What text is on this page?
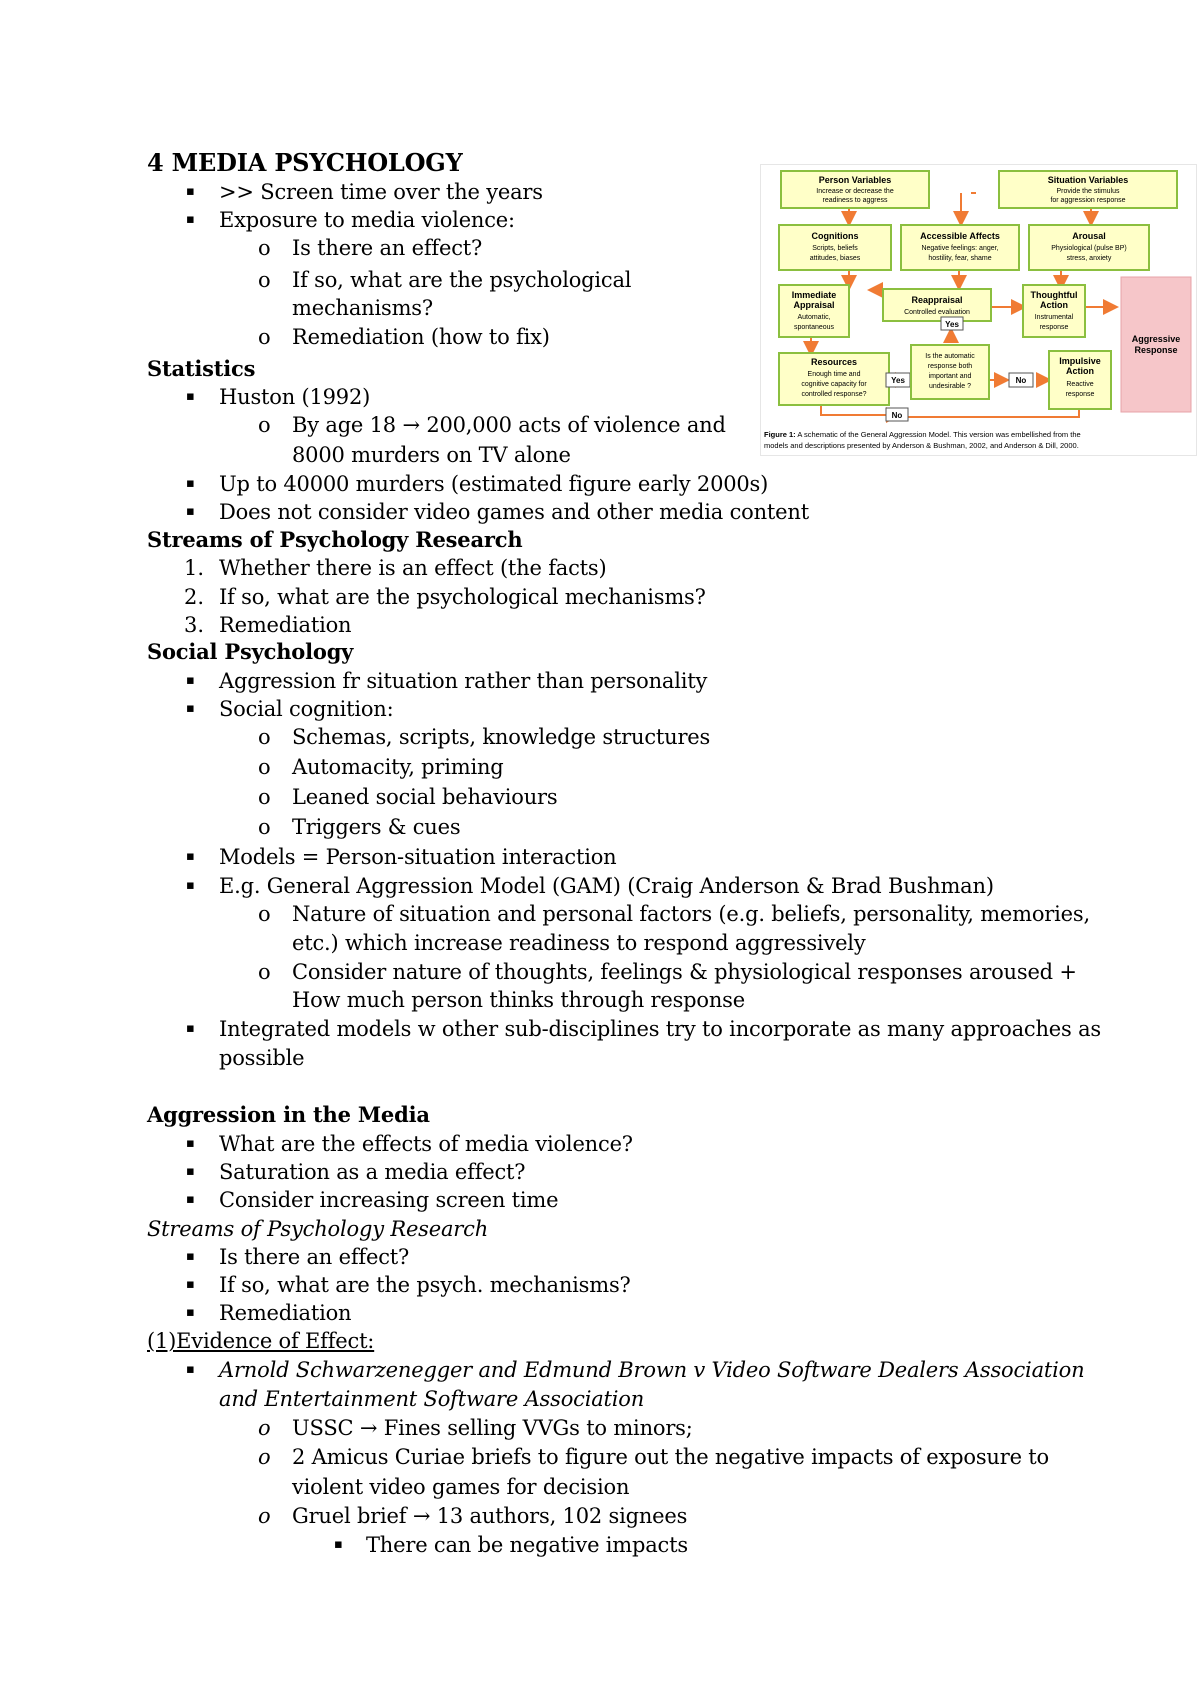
4 MEDIA PSYCHOLOGY
▪ >> Screen time over the years
▪ Exposure to media violence:
o Is there an effect?
o If so, what are the psychological
mechanisms?
o Remediation (how to fix)
Statistics
▪ Huston (1992)
o By age 18 → 200,000 acts of violence and
8000 murders on TV alone
▪ Up to 40000 murders (estimated figure early 2000s)
▪ Does not consider video games and other media content
Streams of Psychology Research
1. Whether there is an effect (the facts)
2. If so, what are the psychological mechanisms?
3. Remediation
Social Psychology
▪ Aggression fr situation rather than personality
▪ Social cognition:
o Schemas, scripts, knowledge structures
o Automacity, priming
o Leaned social behaviours
o Triggers & cues
▪ Models = Person-situation interaction
▪ E.g. General Aggression Model (GAM) (Craig Anderson & Brad Bushman)
o Nature of situation and personal factors (e.g. beliefs, personality, memories,
etc.) which increase readiness to respond aggressively
o Consider nature of thoughts, feelings & physiological responses aroused +
How much person thinks through response
▪ Integrated models w other sub-disciplines try to incorporate as many approaches as
possible
Aggression in the Media
▪ What are the effects of media violence?
▪ Saturation as a media effect?
▪ Consider increasing screen time
Streams of Psychology Research
▪ Is there an effect?
▪ If so, what are the psych. mechanisms?
▪ Remediation
(1)Evidence of Effect:
▪ Arnold Schwarzenegger and Edmund Brown v Video Software Dealers Association
and Entertainment Software Association
o USSC → Fines selling VVGs to minors;
o 2 Amicus Curiae briefs to figure out the negative impacts of exposure to
violent video games for decision
o Gruel brief → 13 authors, 102 signees
▪ There can be negative impacts
Person Variables
Increase or decrease the
readiness to aggress
Situation Variables
Provide the stimulus
for aggression response
Cognitions
Scripts, beliefs
attitudes, biases
Accessible Affects
Negative feelings: anger,
hostility, fear, shame
Arousal
Physiological (pulse BP)
stress, anxiety
Immediate
Appraisal
Automatic,
spontaneous
Reappraisal
Controlled evaluation
Thoughtful
Action
Instrumental
response
Aggressive
Response
Yes
Resources
Enough time and
cognitive capacity for
controlled response?
Yes
No
Is the automatic
response both
important and
undesirable ?
No
Impulsive
Action
Reactive
response
Figure 1: A schematic of the General Aggression Model. This version was embellished from the
models and descriptions presented by Anderson & Bushman, 2002, and Anderson & Dill, 2000.
